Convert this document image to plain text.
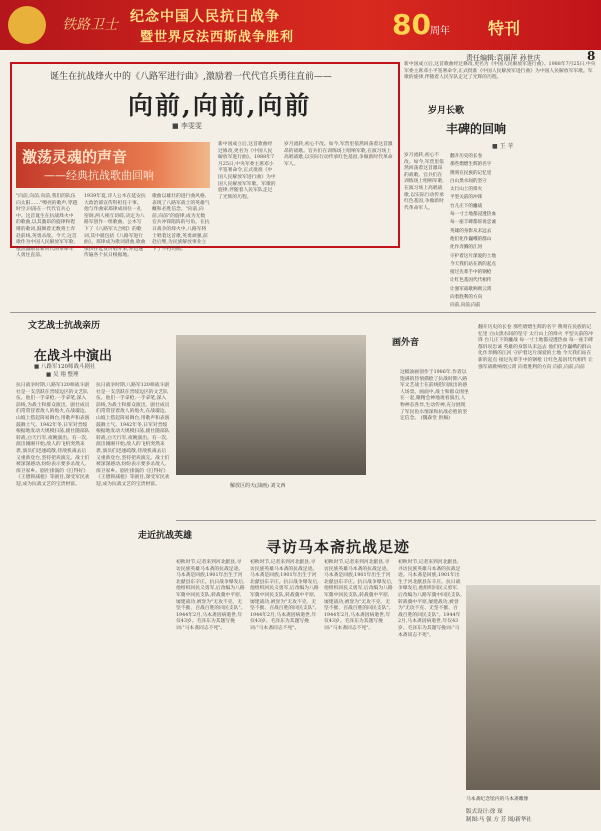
铁路卫士 纪念中国人民抗日战争
暨世界反法西斯战争胜利	80 周年 特刊
责任编辑:袁丽萍 孙世庆	8
诞生在抗战烽火中的《八路军进行曲》,激励着一代代官兵勇往直前——
向前,向前,向前
■ 李雯雯
激荡灵魂的声音
——经典抗战歌曲回响
"向前,向前,向前,我们的队伍向太阳……"嘹亮的歌声,穿越时空,回荡在一代代官兵心中。这首诞生在抗战烽火中的歌曲,以其激昂的旋律和铿锵的歌词,鼓舞着无数将士奔赴前线,英勇杀敌。今天,这首歌作为中国人民解放军军歌,依然激励着新时代的革命军人勇往直前。
1939年夏,诗人公木在延安抗大政治部宣传科担任干事。他与作曲家郑律成同住一孔窑洞,两人相互切磋,决定为八路军创作一组歌曲。公木写下了《八路军大合唱》的歌词,其中就包括《八路军进行曲》。郑律成为歌词谱曲,歌曲很快在延安传唱开来,并迅速传遍各个抗日根据地。
歌曲以雄壮的进行曲风格,表现了八路军战士的英雄气概和必胜信念。"向前,向前,向前"的旋律,成为无数官兵冲锋陷阵的号角。在抗日战争的烽火中,八路军将士唱着这首歌,英勇顽强,前赴后继,为民族解放事业立下了不朽功勋。
新中国成立后,这首歌曲经过修改,更名为《中国人民解放军进行曲》。1988年7月25日,中央军委主席邓小平签署命令,正式批准《中国人民解放军进行曲》为中国人民解放军军歌。军歌的旋律,伴随着人民军队走过了光辉的历程。
岁月流转,初心不改。如今,军营里依然回荡着这首激昂的战歌。官兵们在训练场上唱响军歌,在演习场上高唱战歌,以实际行动传承红色基因,争做新时代革命军人。
新中国成立后,这首歌曲经过修改,更名为《中国人民解放军进行曲》。1988年7月25日,中央军委主席邓小平签署命令,正式批准《中国人民解放军进行曲》为中国人民解放军军歌。军歌的旋律,伴随着人民军队走过了光辉的历程。
岁月长歌
丰碑的回响
■ 王 苹
翻开历史的长卷
那些熠熠生辉的名字
镌刻在民族的记忆里
白山黑水间的坚守
太行山上的烽火
平型关前的冲锋
台儿庄下的鏖战
每一寸土地都浸透热血
每一座丰碑都诉说忠诚
英雄的身影从未远去
他们化作巍峨的群山
化作奔腾的江河
守护着这片深爱的土地
今天我们站在新的起点
接过先辈手中的钢枪
让红色基因代代相传
让强军战歌响彻云霄
向着胜利的方向
向前,向前,向前
岁月流转,初心不改。如今,军营里依然回荡着这首激昂的战歌。官兵们在训练场上唱响军歌,在演习场上高唱战歌,以实际行动传承红色基因,争做新时代革命军人。
文艺战士抗战亲历
在战斗中演出
■ 八路军120师战斗剧社
■ 吴 翔 整理
抗日战争时期,八路军120师战斗剧社是一支活跃在晋绥边区的文艺队伍。他们一手拿枪,一手拿笔,深入前线,为战士和群众演出。剧社成员们常常冒着敌人的炮火,在战壕边、山坡上搭起简易舞台,用歌声和表演鼓舞士气。1942年冬,日军对晋绥根据地发动大规模扫荡,剧社随部队转战,白天行军,夜晚演出。有一次,演出刚刚开始,敌人的飞机突然来袭,演员们迅速疏散,待敌机离去后又重新登台,坚持把戏演完。战士们被深深感动,纷纷表示要多杀敌人,保卫家乡。剧社排演的《打得好》《王德锁减租》等剧目,深受军民欢迎,成为抗战文艺的宝贵财富。
抗日战争时期,八路军120师战斗剧社是一支活跃在晋绥边区的文艺队伍。他们一手拿枪,一手拿笔,深入前线,为战士和群众演出。剧社成员们常常冒着敌人的炮火,在战壕边、山坡上搭起简易舞台,用歌声和表演鼓舞士气。1942年冬,日军对晋绥根据地发动大规模扫荡,剧社随部队转战,白天行军,夜晚演出。有一次,演出刚刚开始,敌人的飞机突然来袭,演员们迅速疏散,待敌机离去后又重新登台,坚持把戏演完。战士们被深深感动,纷纷表示要多杀敌人,保卫家乡。剧社排演的《打得好》《王德锁减租》等剧目,深受军民欢迎,成为抗战文艺的宝贵财富。	解放区的天(油画) 刘文西
画外音
这幅油画创作于1986年,作者以饱满的热情描绘了抗战时期八路军文艺战士在前线慰问演出的感人场景。画面中,战士和群众围坐在一起,聚精会神地观看演出,人物神态各异,生动传神,充分展现了军民鱼水情深和抗战必胜的坚定信念。 (魏森堂 供稿)
翻开历史的长卷 那些熠熠生辉的名字 镌刻在民族的记忆里 白山黑水间的坚守 太行山上的烽火 平型关前的冲锋 台儿庄下的鏖战 每一寸土地都浸透热血 每一座丰碑都诉说忠诚 英雄的身影从未远去 他们化作巍峨的群山 化作奔腾的江河 守护着这片深爱的土地 今天我们站在新的起点 接过先辈手中的钢枪 让红色基因代代相传 让强军战歌响彻云霄 向着胜利的方向 向前,向前,向前
走近抗战英雄
寻访马本斋抗战足迹
初秋时节,记者来到河北献县,寻访民族英雄马本斋的抗战足迹。马本斋是回族,1901年出生于河北献县东辛庄。抗日战争爆发后,他组织回民义勇军,后改编为八路军冀中回民支队,转战冀中平原,屡建战功,被誉为"无攻不克、无坚不摧、百战百胜的回民支队"。1944年2月,马本斋因病逝世,年仅43岁。毛泽东为其题写挽词:"马本斋同志不死"。
初秋时节,记者来到河北献县,寻访民族英雄马本斋的抗战足迹。马本斋是回族,1901年出生于河北献县东辛庄。抗日战争爆发后,他组织回民义勇军,后改编为八路军冀中回民支队,转战冀中平原,屡建战功,被誉为"无攻不克、无坚不摧、百战百胜的回民支队"。1944年2月,马本斋因病逝世,年仅43岁。毛泽东为其题写挽词:"马本斋同志不死"。
初秋时节,记者来到河北献县,寻访民族英雄马本斋的抗战足迹。马本斋是回族,1901年出生于河北献县东辛庄。抗日战争爆发后,他组织回民义勇军,后改编为八路军冀中回民支队,转战冀中平原,屡建战功,被誉为"无攻不克、无坚不摧、百战百胜的回民支队"。1944年2月,马本斋因病逝世,年仅43岁。毛泽东为其题写挽词:"马本斋同志不死"。
初秋时节,记者来到河北献县,寻访民族英雄马本斋的抗战足迹。马本斋是回族,1901年出生于河北献县东辛庄。抗日战争爆发后,他组织回民义勇军,后改编为八路军冀中回民支队,转战冀中平原,屡建战功,被誉为"无攻不克、无坚不摧、百战百胜的回民支队"。1944年2月,马本斋因病逝世,年仅43岁。毛泽东为其题写挽词:"马本斋同志不死"。
马本斋纪念馆内的马本斋雕像
版式设计:徐 琛
制图:马 强 方 芳 图/新华社
